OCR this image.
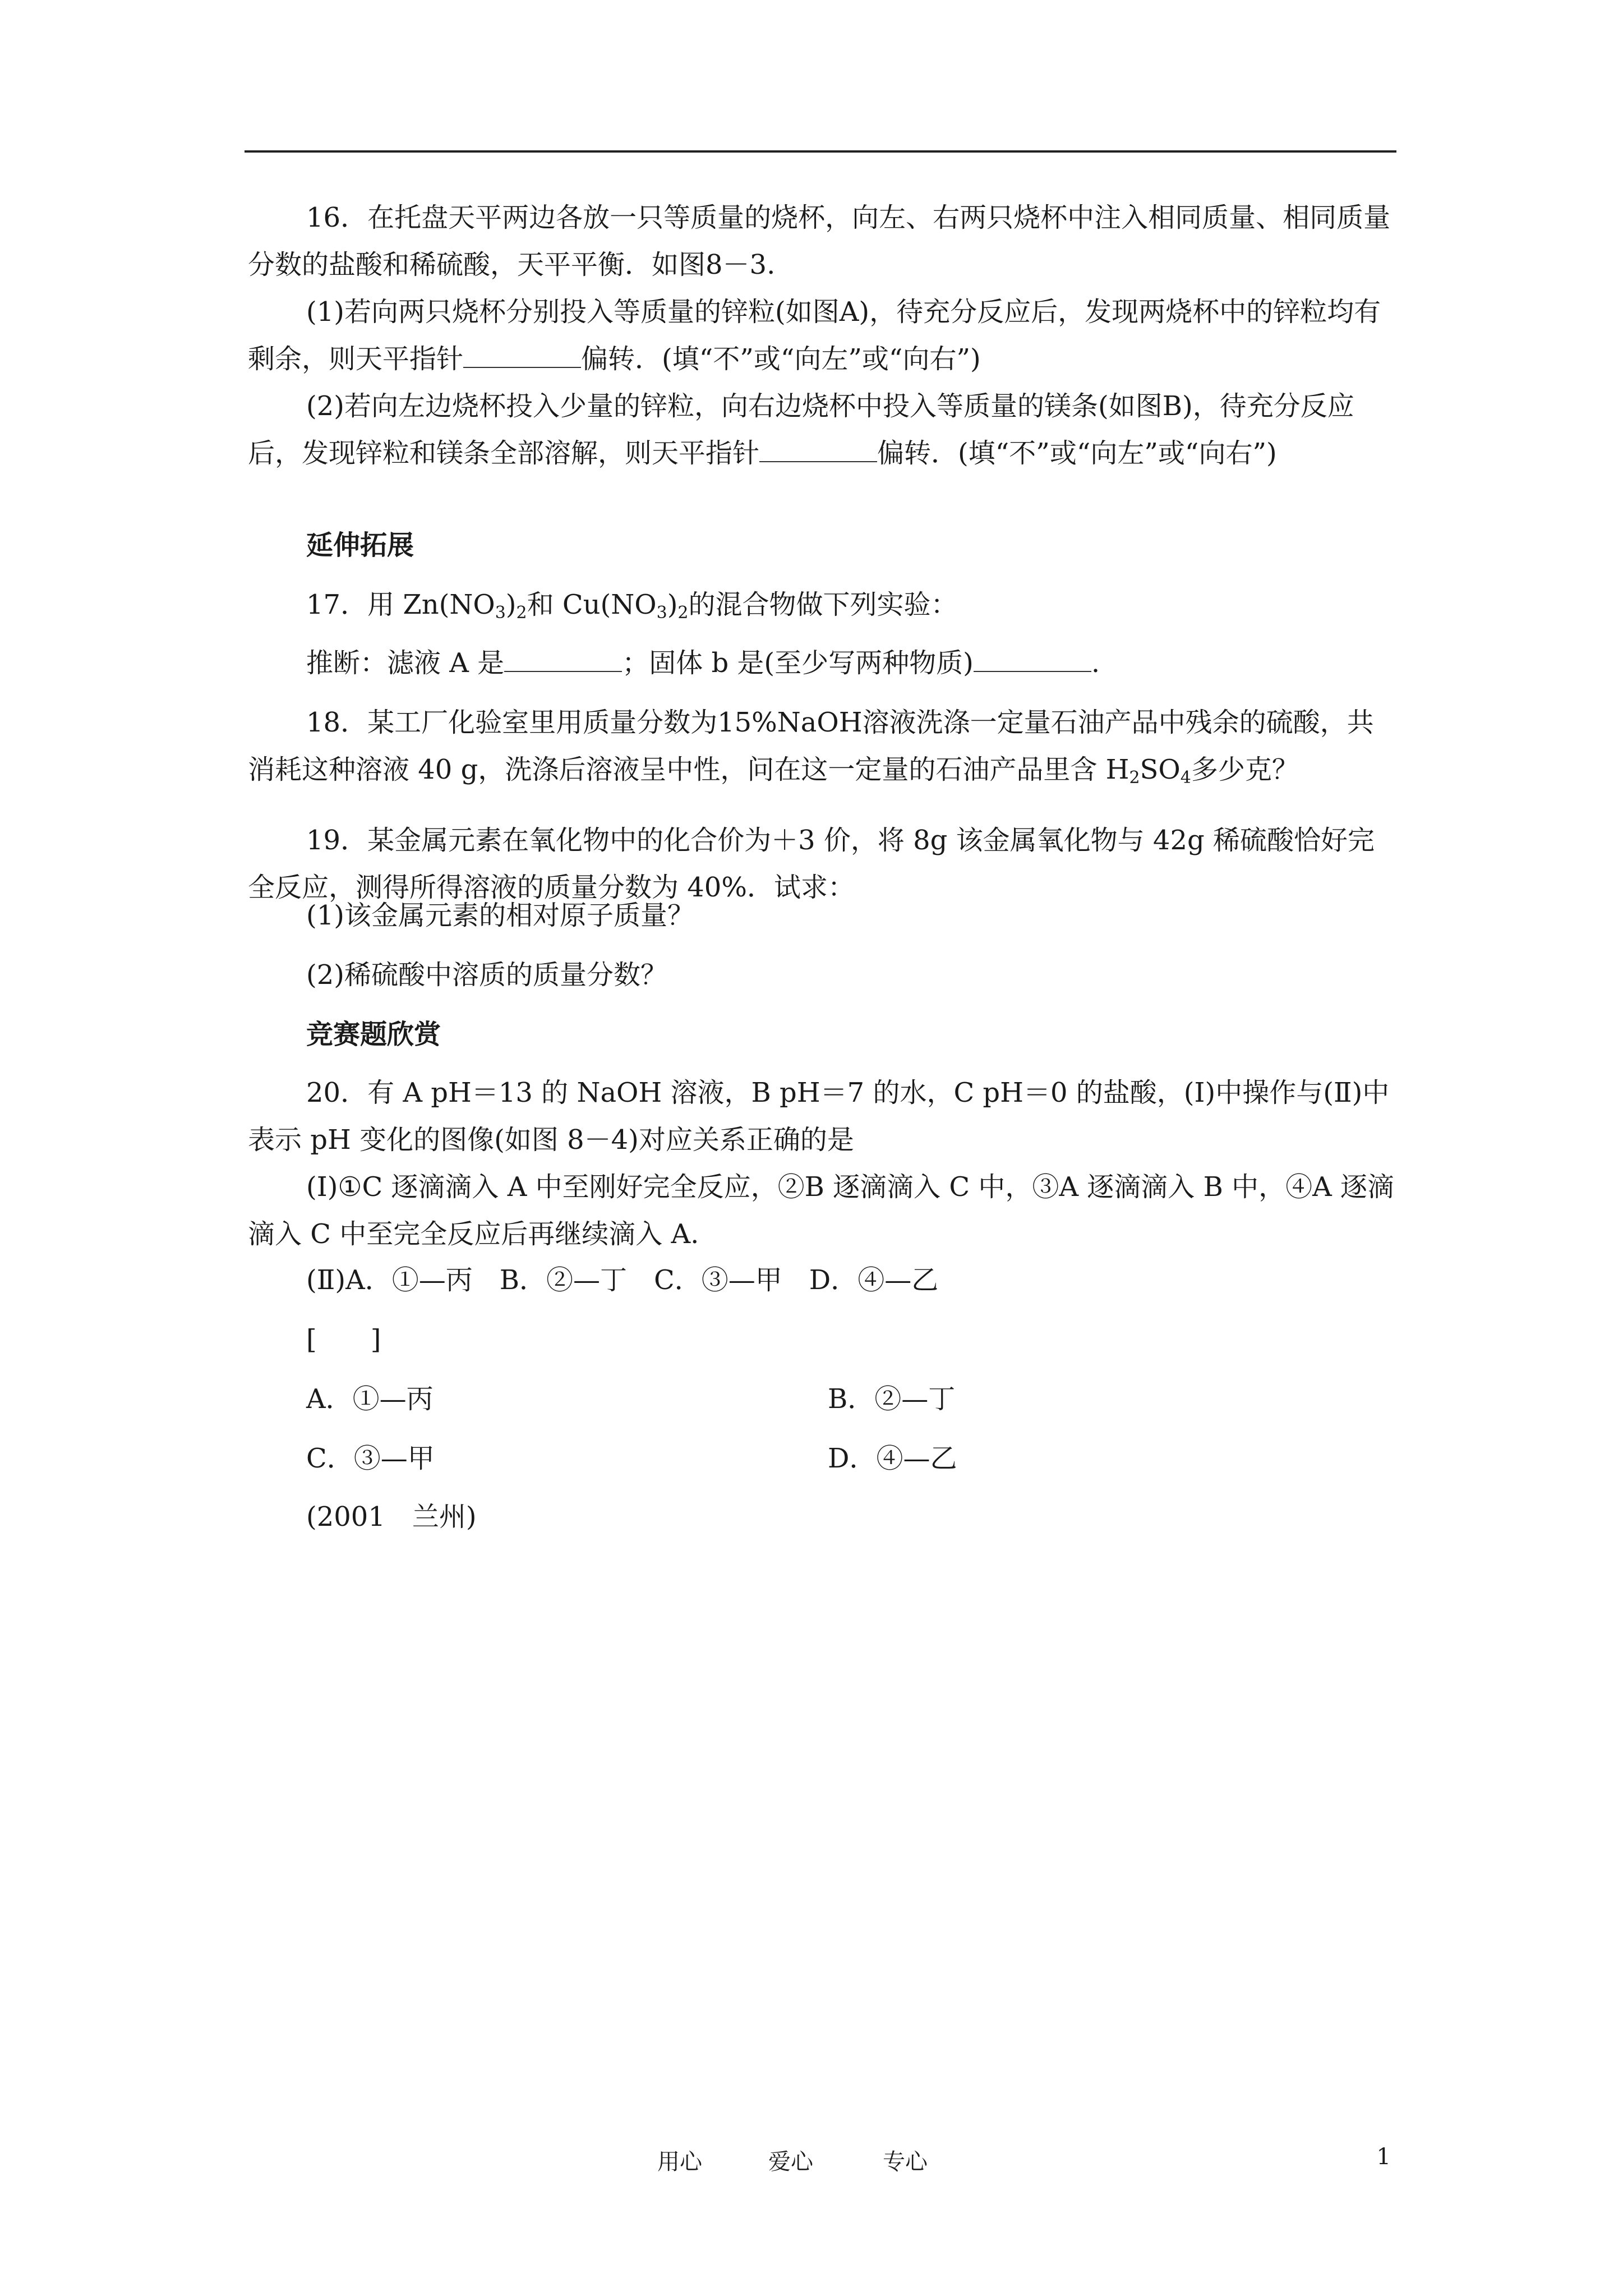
16．在托盘天平两边各放一只等质量的烧杯，向左、右两只烧杯中注入相同质量、相同质量分数的盐酸和稀硫酸，天平平衡．如图8－3.

(1)若向两只烧杯分别投入等质量的锌粒(如图A)，待充分反应后，发现两烧杯中的锌粒均有剩余，则天平指针	偏转．(填“不”或“向左”或“向右”)

(2)若向左边烧杯投入少量的锌粒，向右边烧杯中投入等质量的镁条(如图B)，待充分反应后，发现锌粒和镁条全部溶解，则天平指针	偏转．(填“不”或“向左”或“向右”)

延伸拓展

17．用 $Zn(NO_3)_2$和 $Cu(NO_3)_2$的混合物做下列实验：

推断：滤液 A 是	；固体 b 是(至少写两种物质)	.

18．某工厂化验室里用质量分数为15%NaOH溶液洗涤一定量石油产品中残余的硫酸，共消耗这种溶液 40 g，洗涤后溶液呈中性，问在这一定量的石油产品里含 $H_2SO_4$多少克？

19．某金属元素在氧化物中的化合价为＋3 价，将 8g 该金属氧化物与 42g 稀硫酸恰好完全反应，测得所得溶液的质量分数为 40%．试求：

(1)该金属元素的相对原子质量？

(2)稀硫酸中溶质的质量分数？

竞赛题欣赏

20．有 A pH＝13 的 NaOH 溶液，B pH＝7 的水，C pH＝0 的盐酸，(Ⅰ)中操作与(Ⅱ)中表示 pH 变化的图像(如图 8－4)对应关系正确的是

(Ⅰ)①C 逐滴滴入 A 中至刚好完全反应，②B 逐滴滴入 C 中，③A 逐滴滴入 B 中，④A 逐滴滴入 C 中至完全反应后再继续滴入 A.

(Ⅱ)A．①—丙　B．②—丁　C．③—甲　D．④—乙

[　　]

A．①—丙	B．②—丁
C．③—甲	D．④—乙

(2001　兰州)

用心	爱心	专心	1
